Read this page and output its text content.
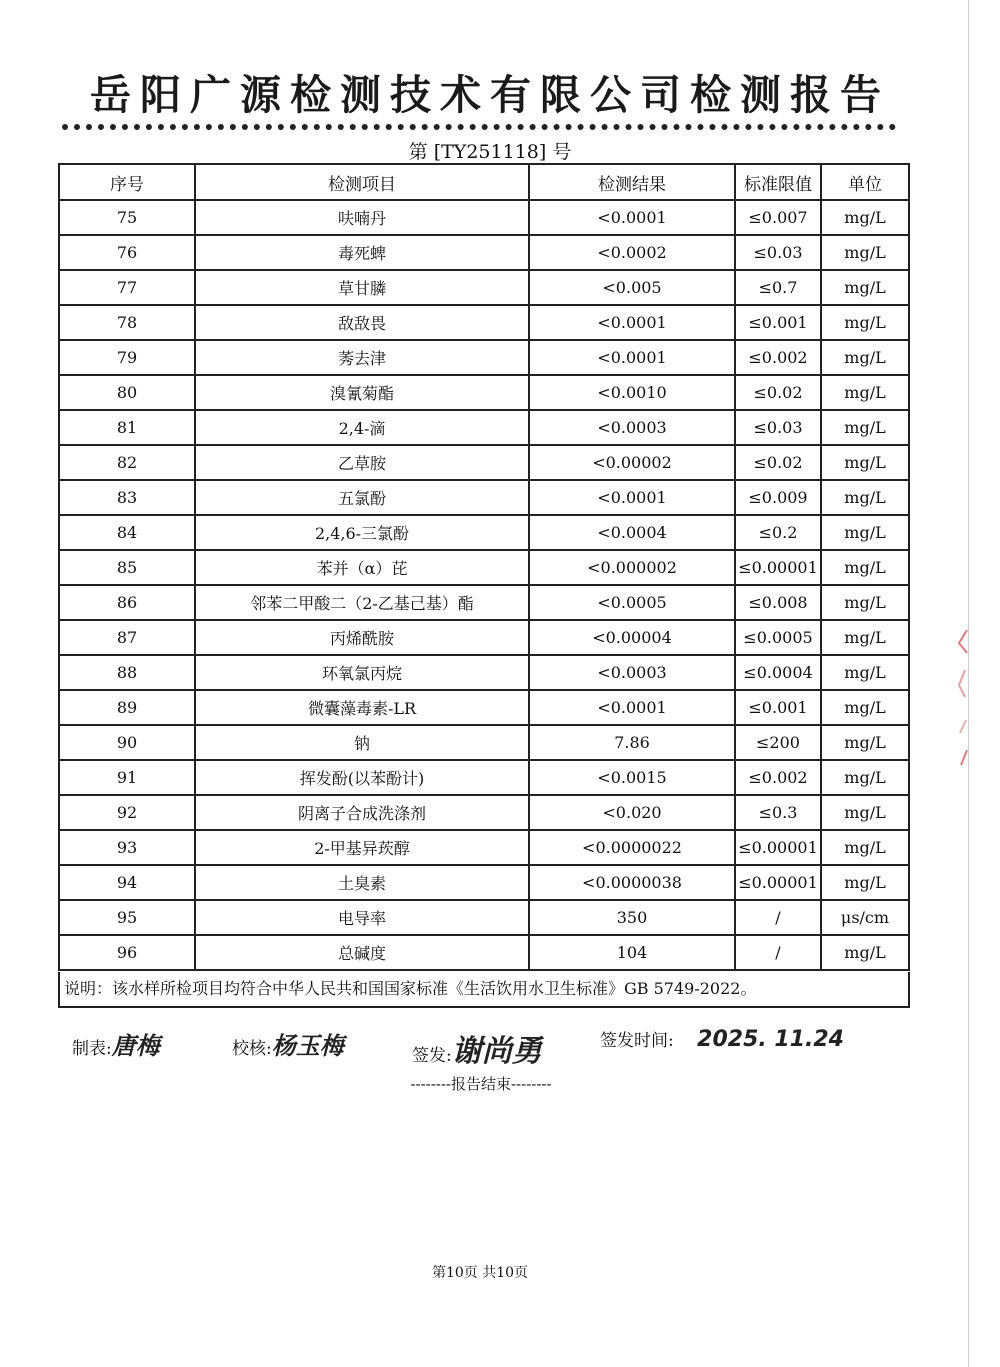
岳阳广源检测技术有限公司检测报告
第 [TY251118] 号
序号	检测项目	检测结果	标准限值	单位
75	呋喃丹	<0.0001	≤0.007	mg/L
76	毒死蜱	<0.0002	≤0.03	mg/L
77	草甘膦	<0.005	≤0.7	mg/L
78	敌敌畏	<0.0001	≤0.001	mg/L
79	莠去津	<0.0001	≤0.002	mg/L
80	溴氰菊酯	<0.0010	≤0.02	mg/L
81	2,4-滴	<0.0003	≤0.03	mg/L
82	乙草胺	<0.00002	≤0.02	mg/L
83	五氯酚	<0.0001	≤0.009	mg/L
84	2,4,6-三氯酚	<0.0004	≤0.2	mg/L
85	苯并（α）芘	<0.000002	≤0.00001	mg/L
86	邻苯二甲酸二（2-乙基己基）酯	<0.0005	≤0.008	mg/L
87	丙烯酰胺	<0.00004	≤0.0005	mg/L
88	环氧氯丙烷	<0.0003	≤0.0004	mg/L
89	微囊藻毒素-LR	<0.0001	≤0.001	mg/L
90	钠	7.86	≤200	mg/L
91	挥发酚(以苯酚计)	<0.0015	≤0.002	mg/L
92	阴离子合成洗涤剂	<0.020	≤0.3	mg/L
93	2-甲基异莰醇	<0.0000022	≤0.00001	mg/L
94	土臭素	<0.0000038	≤0.00001	mg/L
95	电导率	350	/	μs/cm
96	总碱度	104	/	mg/L
说明：该水样所检项目均符合中华人民共和国国家标准《生活饮用水卫生标准》GB 5749-2022。
制表:唐梅	校核:杨玉梅	签发:谢尚勇	签发时间: 2025. 11.24
--------报告结束--------
第10页 共10页
